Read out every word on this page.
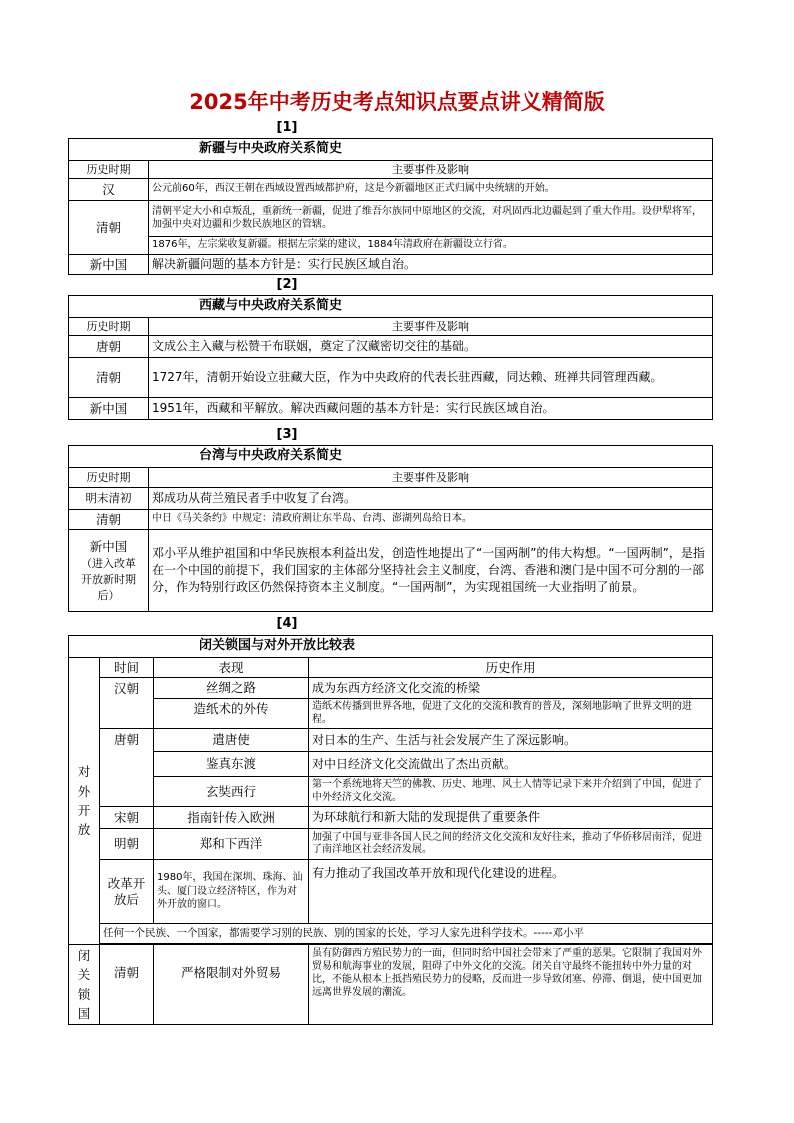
2025年中考历史考点知识点要点讲义精简版
[1]
新疆与中央政府关系简史	
历史时期	主要事件及影响
汉	公元前60年，西汉王朝在西域设置西域都护府，这是今新疆地区正式归属中央统辖的开始。
清朝	清朝平定大小和卓叛乱，重新统一新疆，促进了维吾尔族同中原地区的交流，对巩固西北边疆起到了重大作用。设伊犁将军，加强中央对边疆和少数民族地区的管辖。
	1876年，左宗棠收复新疆。根据左宗棠的建议，1884年清政府在新疆设立行省。
新中国	解决新疆问题的基本方针是：实行民族区域自治。
[2]
西藏与中央政府关系简史	
历史时期	主要事件及影响
唐朝	文成公主入藏与松赞干布联姻，奠定了汉藏密切交往的基础。
清朝	1727年，清朝开始设立驻藏大臣，作为中央政府的代表长驻西藏，同达赖、班禅共同管理西藏。
新中国	1951年，西藏和平解放。解决西藏问题的基本方针是：实行民族区域自治。
[3]
台湾与中央政府关系简史	
历史时期	主要事件及影响
明末清初	郑成功从荷兰殖民者手中收复了台湾。
清朝	中日《马关条约》中规定：清政府割让东半岛、台湾、澎湖列岛给日本。

新中国
（进入改革
开放新时期
后）	邓小平从维护祖国和中华民族根本利益出发，创造性地提出了“一国两制”的伟大构想。“一国两制”，是指在一个中国的前提下，我们国家的主体部分坚持社会主义制度，台湾、香港和澳门是中国不可分割的一部分，作为特别行政区仍然保持资本主义制度。“一国两制”，为实现祖国统一大业指明了前景。
[4]
闭关锁国与对外开放比较表			

对
外
开
放	时间	表现	历史作用
	汉朝	丝绸之路	成为东西方经济文化交流的桥梁
		造纸术的外传	造纸术传播到世界各地，促进了文化的交流和教育的普及，深刻地影响了世界文明的进程。
	唐朝	遣唐使	对日本的生产、生活与社会发展产生了深远影响。
		鉴真东渡	对中日经济文化交流做出了杰出贡献。
		玄奘西行	第一个系统地将天竺的佛教、历史、地理、风土人情等记录下来并介绍到了中国，促进了中外经济文化交流。
	宋朝	指南针传入欧洲	为环球航行和新大陆的发现提供了重要条件
	明朝	郑和下西洋	加强了中国与亚非各国人民之间的经济文化交流和友好往来，推动了华侨移居南洋，促进了南洋地区社会经济发展。

	改革开
放后	1980年，我国在深圳、珠海、汕头、厦门设立经济特区，作为对外开放的窗口。	有力推动了我国改革开放和现代化建设的进程。
	任何一个民族、一个国家，都需要学习别的民族、别的国家的长处，学习人家先进科学技术。-----邓小平		

闭
关
锁
国	清朝	严格限制对外贸易	虽有防御西方殖民势力的一面，但同时给中国社会带来了严重的恶果。它限制了我国对外贸易和航海事业的发展，阻碍了中外文化的交流。闭关自守最终不能扭转中外力量的对比，不能从根本上抵挡殖民势力的侵略，反而进一步导致闭塞、停滞、倒退，使中国更加远离世界发展的潮流。
